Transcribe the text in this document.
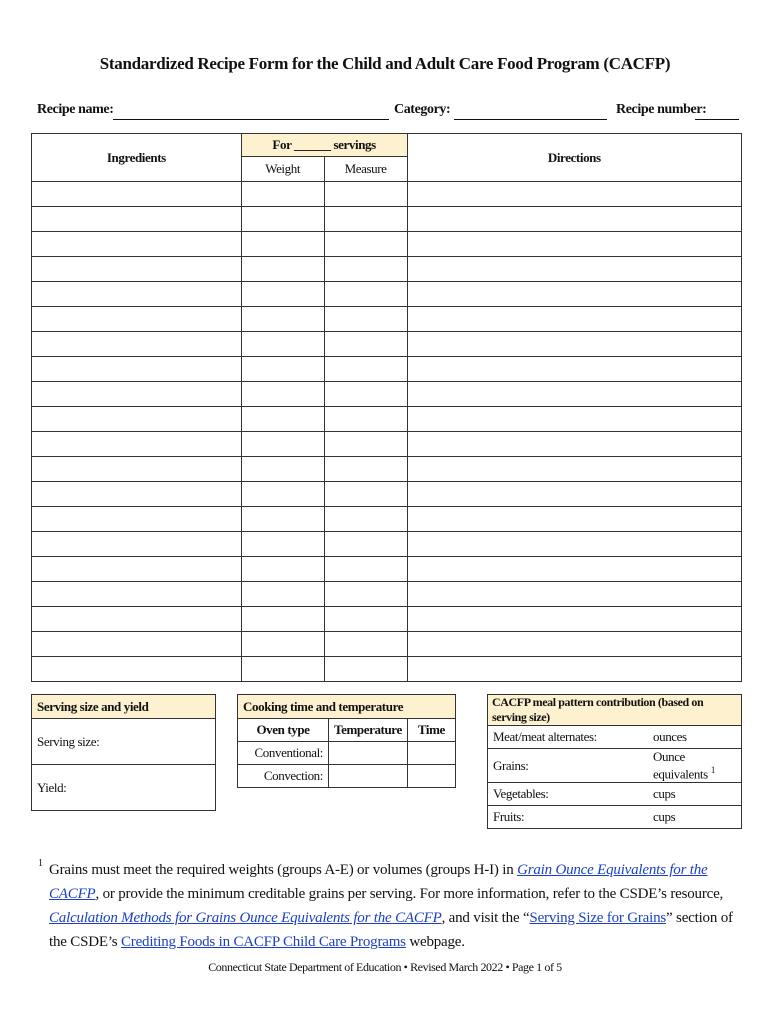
Standardized Recipe Form for the Child and Adult Care Food Program (CACFP)
Recipe name:	Category:	Recipe number:
Ingredients	For ______ servings		Directions
	Weight	Measure	

Serving size and yield
Serving size:
Yield:
Cooking time and temperature		
Oven type	Temperature	Time
Conventional:		
Convection:		
CACFP meal pattern contribution (based on serving size)	
Meat/meat alternates:	ounces
Grains:	Ounce equivalents $^1$
Vegetables:	cups
Fruits:	cups
1 Grains must meet the required weights (groups A-E) or volumes (groups H-I) in Grain Ounce Equivalents for the CACFP, or provide the minimum creditable grains per serving. For more information, refer to the CSDE’s resource, Calculation Methods for Grains Ounce Equivalents for the CACFP, and visit the “Serving Size for Grains” section of the CSDE’s Crediting Foods in CACFP Child Care Programs webpage.
Connecticut State Department of Education • Revised March 2022 • Page 1 of 5
